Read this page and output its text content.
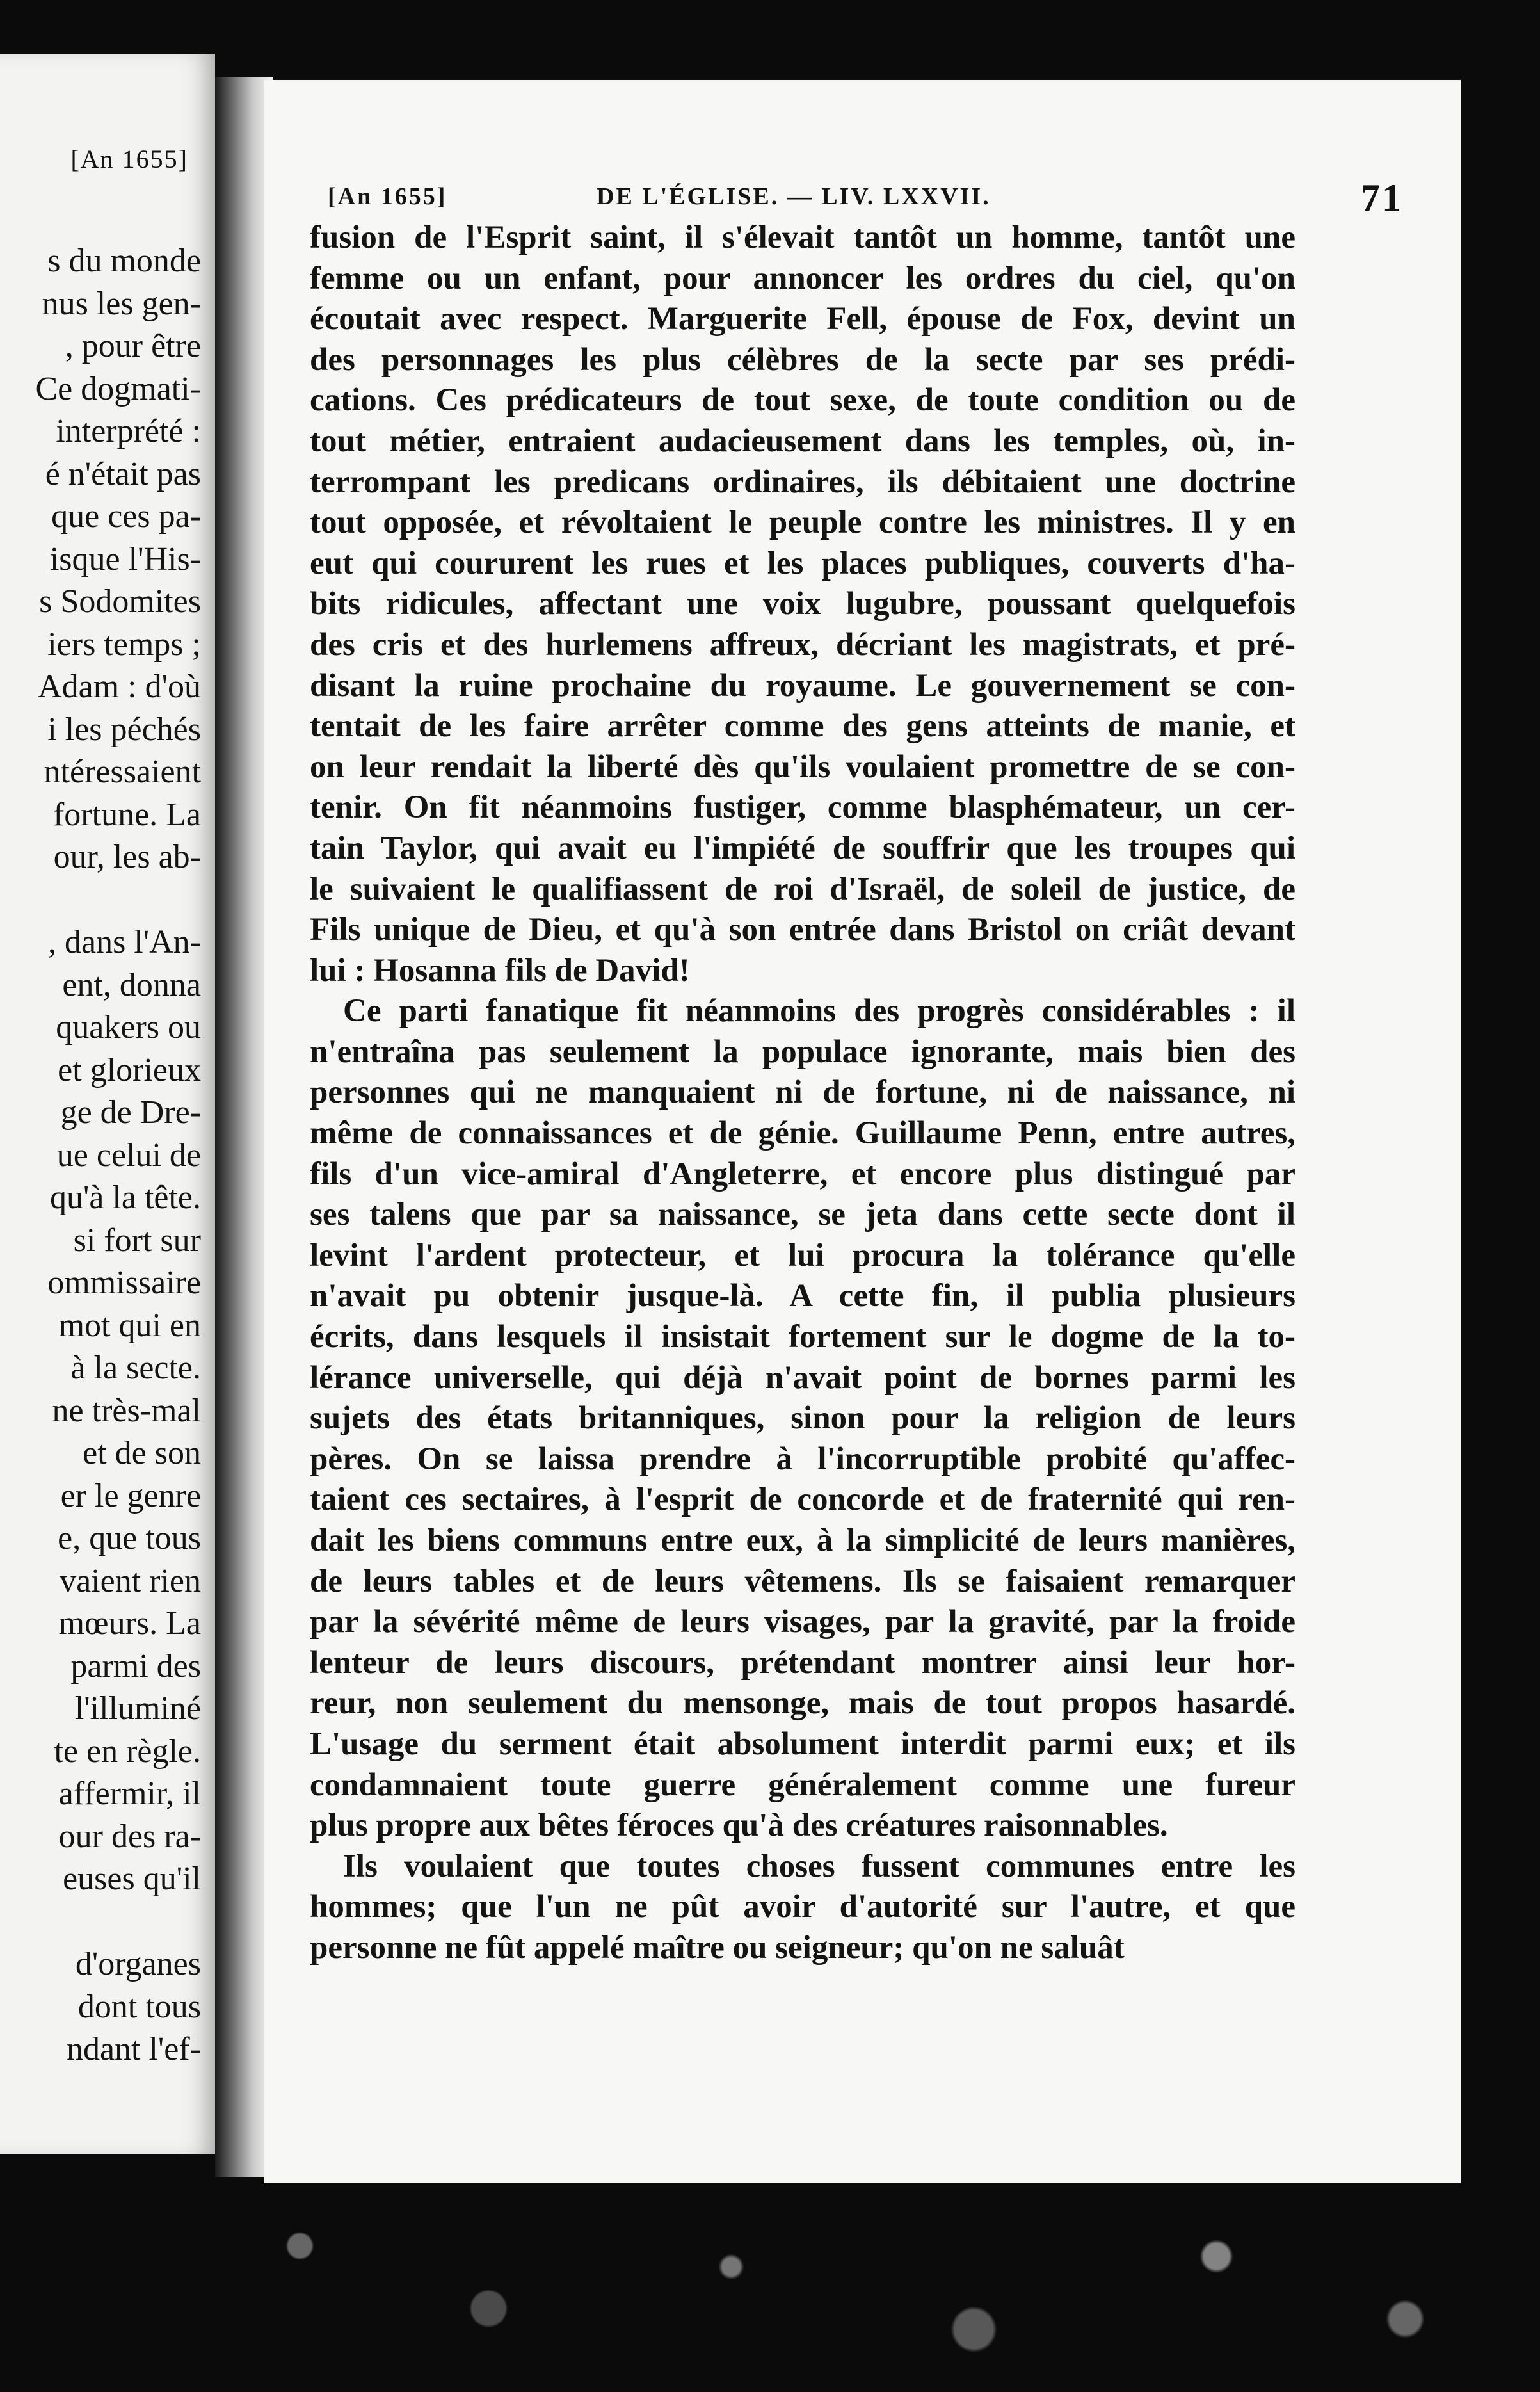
[An 1655]
s du monde
nus les gen-
, pour être
Ce dogmati-
interprété :
é n'était pas
que ces pa-
isque l'His-
s Sodomites
iers temps ;
Adam : d'où
i les péchés
ntéressaient
fortune. La
our, les ab-

, dans l'An-
ent, donna
quakers ou
et glorieux
ge de Dre-
ue celui de
qu'à la tête.
si fort sur
ommissaire
mot qui en
à la secte.
ne très-mal
et de son
er le genre
e, que tous
vaient rien
mœurs. La
parmi des
l'illuminé
te en règle.
affermir, il
our des ra-
euses qu'il

d'organes
dont tous
ndant l'ef-
[An 1655]	DE L'ÉGLISE. — LIV. LXXVII.	71
fusion de l'Esprit saint, il s'élevait tantôt un homme, tantôt une
femme ou un enfant, pour annoncer les ordres du ciel, qu'on
écoutait avec respect. Marguerite Fell, épouse de Fox, devint un
des personnages les plus célèbres de la secte par ses prédi-
cations. Ces prédicateurs de tout sexe, de toute condition ou de
tout métier, entraient audacieusement dans les temples, où, in-
terrompant les predicans ordinaires, ils débitaient une doctrine
tout opposée, et révoltaient le peuple contre les ministres. Il y en
eut qui coururent les rues et les places publiques, couverts d'ha-
bits ridicules, affectant une voix lugubre, poussant quelquefois
des cris et des hurlemens affreux, décriant les magistrats, et pré-
disant la ruine prochaine du royaume. Le gouvernement se con-
tentait de les faire arrêter comme des gens atteints de manie, et
on leur rendait la liberté dès qu'ils voulaient promettre de se con-
tenir. On fit néanmoins fustiger, comme blasphémateur, un cer-
tain Taylor, qui avait eu l'impiété de souffrir que les troupes qui
le suivaient le qualifiassent de roi d'Israël, de soleil de justice, de
Fils unique de Dieu, et qu'à son entrée dans Bristol on criât devant
lui : Hosanna fils de David!
Ce parti fanatique fit néanmoins des progrès considérables : il
n'entraîna pas seulement la populace ignorante, mais bien des
personnes qui ne manquaient ni de fortune, ni de naissance, ni
même de connaissances et de génie. Guillaume Penn, entre autres,
fils d'un vice-amiral d'Angleterre, et encore plus distingué par
ses talens que par sa naissance, se jeta dans cette secte dont il
levint l'ardent protecteur, et lui procura la tolérance qu'elle
n'avait pu obtenir jusque-là. A cette fin, il publia plusieurs
écrits, dans lesquels il insistait fortement sur le dogme de la to-
lérance universelle, qui déjà n'avait point de bornes parmi les
sujets des états britanniques, sinon pour la religion de leurs
pères. On se laissa prendre à l'incorruptible probité qu'affec-
taient ces sectaires, à l'esprit de concorde et de fraternité qui ren-
dait les biens communs entre eux, à la simplicité de leurs manières,
de leurs tables et de leurs vêtemens. Ils se faisaient remarquer
par la sévérité même de leurs visages, par la gravité, par la froide
lenteur de leurs discours, prétendant montrer ainsi leur hor-
reur, non seulement du mensonge, mais de tout propos hasardé.
L'usage du serment était absolument interdit parmi eux; et ils
condamnaient toute guerre généralement comme une fureur
plus propre aux bêtes féroces qu'à des créatures raisonnables.
Ils voulaient que toutes choses fussent communes entre les
hommes; que l'un ne pût avoir d'autorité sur l'autre, et que
personne ne fût appelé maître ou seigneur; qu'on ne saluât
